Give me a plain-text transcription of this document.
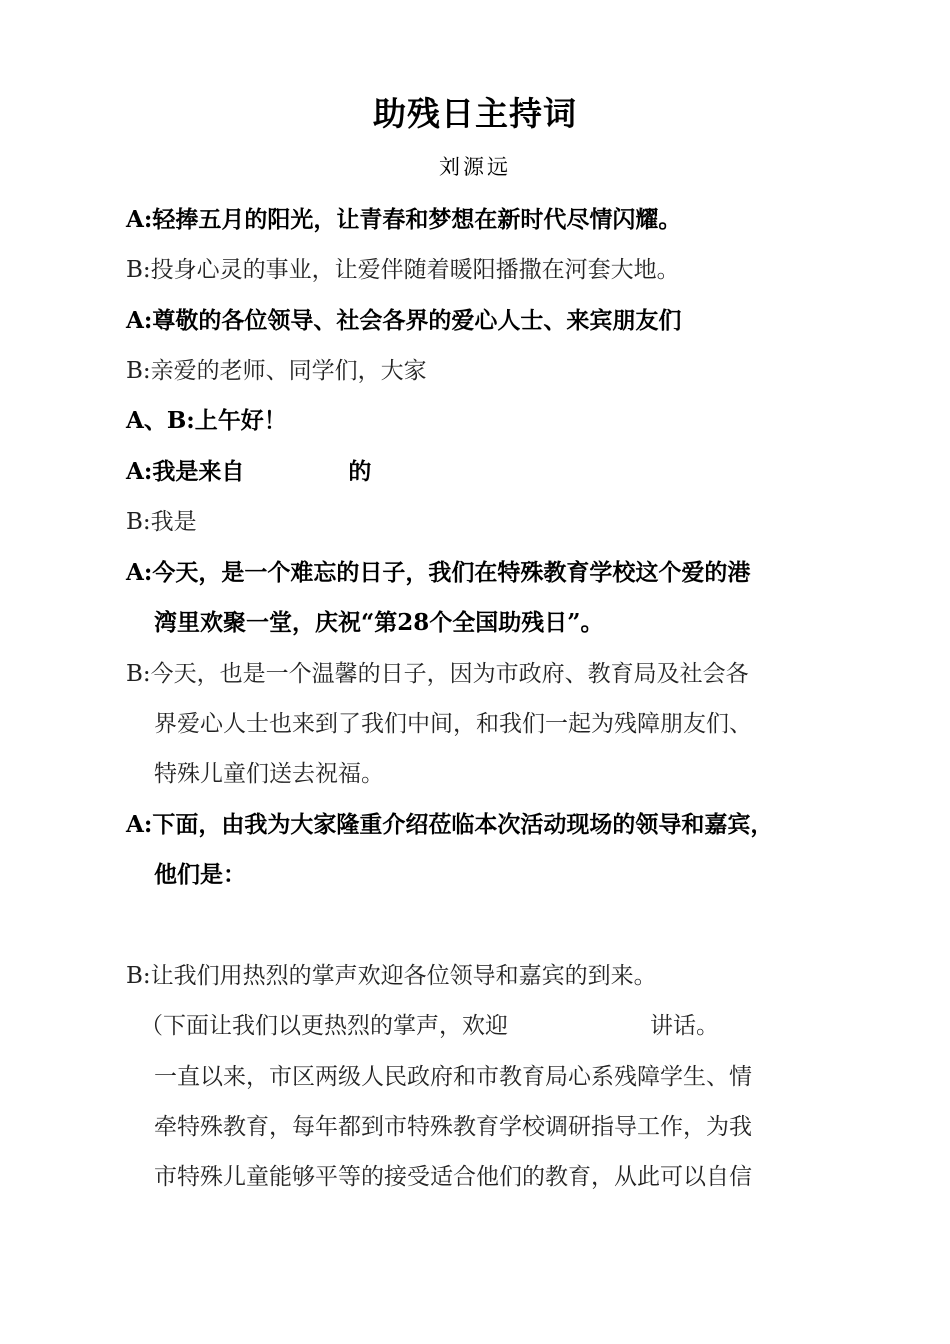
助残日主持词
刘源远
A:轻捧五月的阳光，让青春和梦想在新时代尽情闪耀。
B:投身心灵的事业，让爱伴随着暖阳播撒在河套大地。
A:尊敬的各位领导、社会各界的爱心人士、来宾朋友们
B:亲爱的老师、同学们，大家
A、B:上午好！
A:我是来自	的
B:我是
A:今天，是一个难忘的日子，我们在特殊教育学校这个爱的港
湾里欢聚一堂，庆祝“第28个全国助残日”。
B:今天，也是一个温馨的日子，因为市政府、教育局及社会各
界爱心人士也来到了我们中间，和我们一起为残障朋友们、
特殊儿童们送去祝福。
A:下面，由我为大家隆重介绍莅临本次活动现场的领导和嘉宾，
他们是：
B:让我们用热烈的掌声欢迎各位领导和嘉宾的到来。
（下面让我们以更热烈的掌声，欢迎	讲话。
一直以来，市区两级人民政府和市教育局心系残障学生、情
牵特殊教育，每年都到市特殊教育学校调研指导工作，为我
市特殊儿童能够平等的接受适合他们的教育，从此可以自信
